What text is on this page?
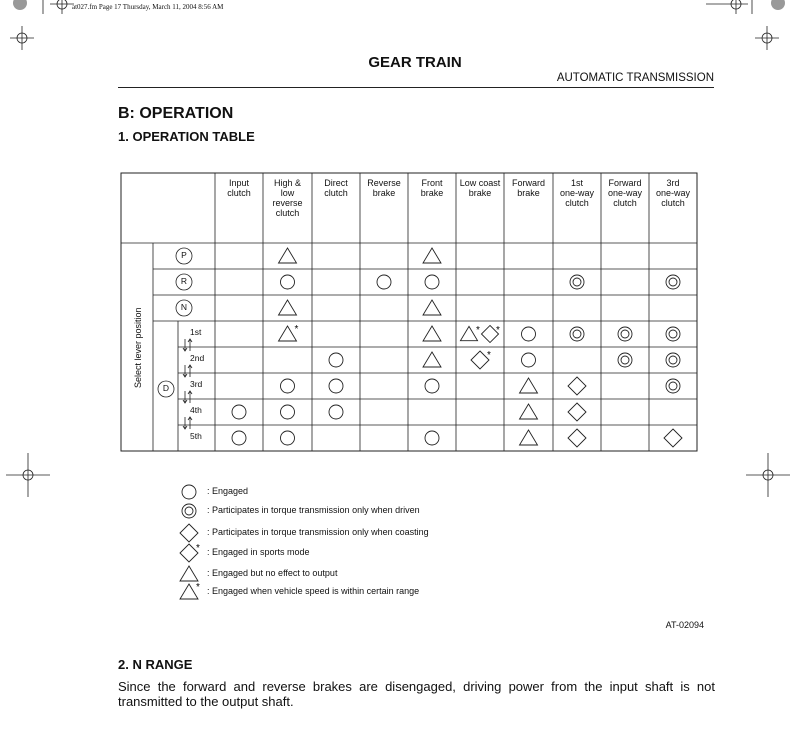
at027.fm Page 17 Thursday, March 11, 2004 8:56 AM
GEAR TRAIN
AUTOMATIC TRANSMISSION
B: OPERATION
1. OPERATION TABLE
*	* *
*
Input
clutch
High &
low
reverse
clutch
Direct
clutch
Reverse
brake
Front
brake
Low coast
brake
Forward
brake
1st
one-way
clutch
Forward
one-way
clutch
3rd
one-way
clutch
Select lever position
P
R
N
D
1st
2nd
3rd
4th
5th
*
*
: Engaged
: Participates in torque transmission only when driven
: Participates in torque transmission only when coasting
: Engaged in sports mode
: Engaged but no effect to output
: Engaged when vehicle speed is within certain range
AT-02094
2. N RANGE
Since the forward and reverse brakes are disengaged, driving power from the input shaft is not transmitted to the output shaft.
